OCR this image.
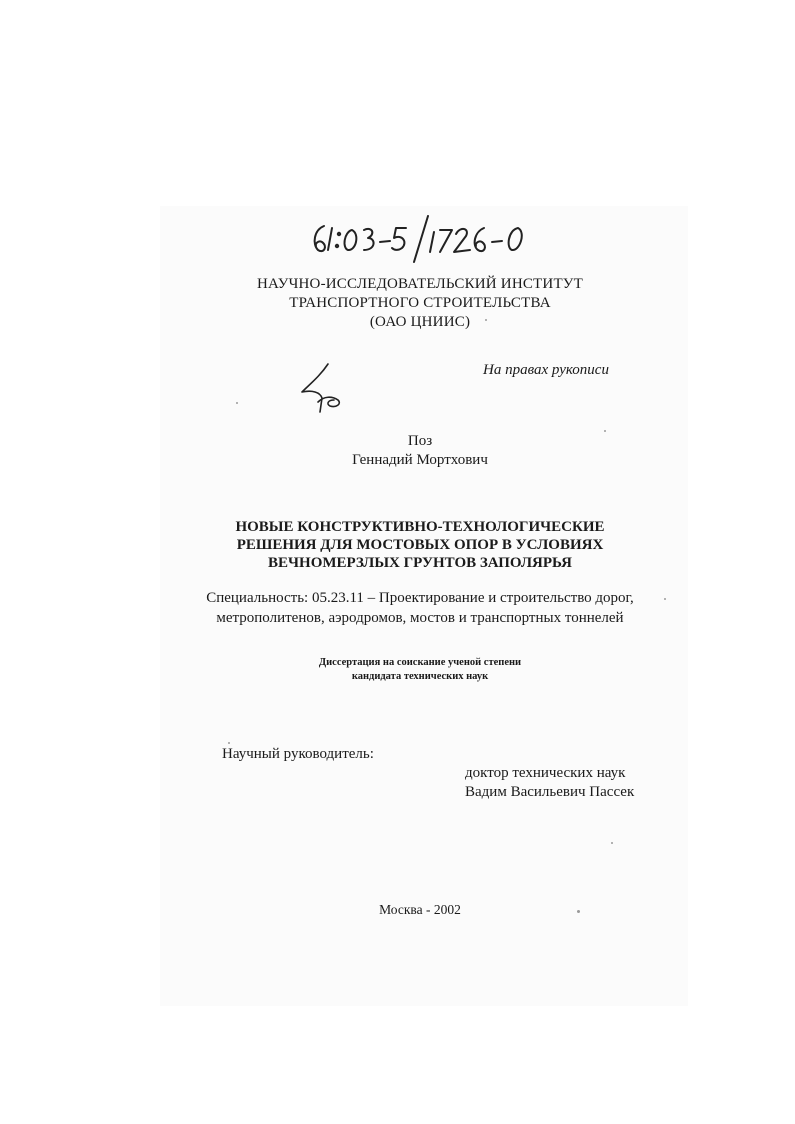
НАУЧНО-ИССЛЕДОВАТЕЛЬСКИЙ ИНСТИТУТ
ТРАНСПОРТНОГО СТРОИТЕЛЬСТВА
(ОАО ЦНИИС)
На правах рукописи
Поз
Геннадий Мортхович
НОВЫЕ КОНСТРУКТИВНО-ТЕХНОЛОГИЧЕСКИЕ
РЕШЕНИЯ ДЛЯ МОСТОВЫХ ОПОР В УСЛОВИЯХ
ВЕЧНОМЕРЗЛЫХ ГРУНТОВ ЗАПОЛЯРЬЯ
Специальность: 05.23.11 – Проектирование и строительство дорог,
метрополитенов, аэродромов, мостов и транспортных тоннелей
Диссертация на соискание ученой степени
кандидата технических наук
Научный руководитель:
доктор технических наук
Вадим Васильевич Пассек
Москва - 2002
